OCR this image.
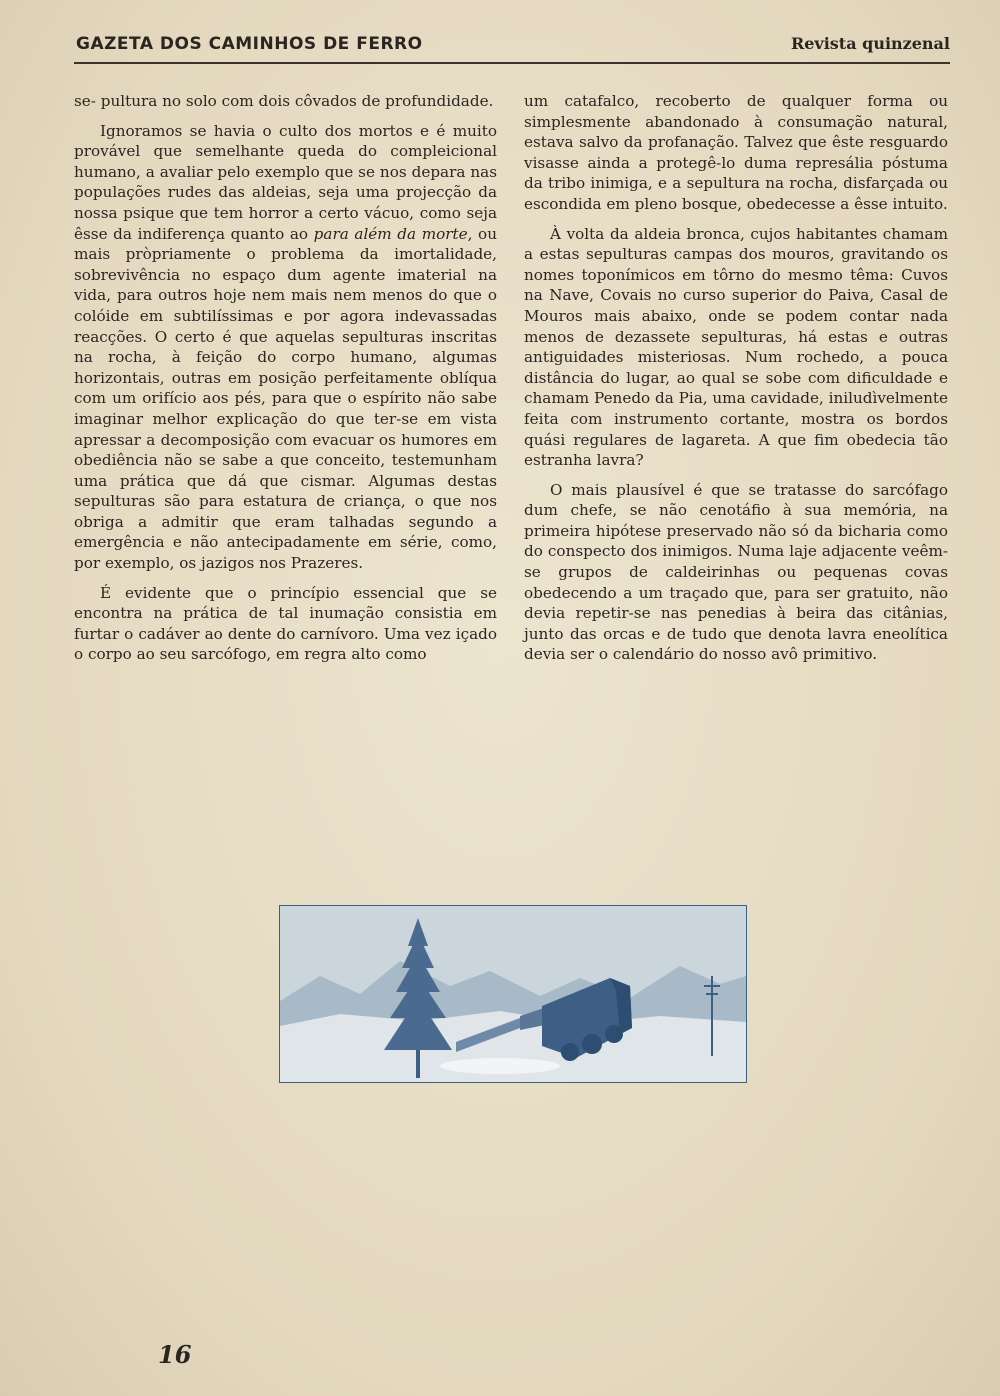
GAZETA DOS CAMINHOS DE FERRO	Revista quinzenal

se- pultura no solo com dois côvados de profundidade.

Ignoramos se havia o culto dos mortos e é muito provável que semelhante queda do compleicional humano, a avaliar pelo exemplo que se nos depara nas populações rudes das aldeias, seja uma projecção da nossa psique que tem horror a certo vácuo, como seja êsse da indiferença quanto ao para além da morte, ou mais pròpriamente o problema da imortalidade, sobrevivência no espaço dum agente imaterial na vida, para outros hoje nem mais nem menos do que o colóide em subtilíssimas e por agora indevassadas reacções. O certo é que aquelas sepulturas inscritas na rocha, à feição do corpo humano, algumas horizontais, outras em posição perfeitamente oblíqua com um orifício aos pés, para que o espírito não sabe imaginar melhor explicação do que ter-se em vista apressar a decomposição com evacuar os humores em obediência não se sabe a que conceito, testemunham uma prática que dá que cismar. Algumas destas sepulturas são para estatura de criança, o que nos obriga a admitir que eram talhadas segundo a emergência e não antecipadamente em série, como, por exemplo, os jazigos nos Prazeres.

É evidente que o princípio essencial que se encontra na prática de tal inumação consistia em furtar o cadáver ao dente do carnívoro. Uma vez içado o corpo ao seu sarcófogo, em regra alto como

um catafalco, recoberto de qualquer forma ou simplesmente abandonado à consumação natural, estava salvo da profanação. Talvez que êste resguardo visasse ainda a protegê-lo duma represália póstuma da tribo inimiga, e a sepultura na rocha, disfarçada ou escondida em pleno bosque, obedecesse a êsse intuito.

À volta da aldeia bronca, cujos habitantes chamam a estas sepulturas campas dos mouros, gravitando os nomes toponímicos em tôrno do mesmo têma: Cuvos na Nave, Covais no curso superior do Paiva, Casal de Mouros mais abaixo, onde se podem contar nada menos de dezassete sepulturas, há estas e outras antiguidades misteriosas. Num rochedo, a pouca distância do lugar, ao qual se sobe com dificuldade e chamam Penedo da Pia, uma cavidade, iniludìvelmente feita com instrumento cortante, mostra os bordos quási regulares de lagareta. A que fim obedecia tão estranha lavra?

O mais plausível é que se tratasse do sarcófago dum chefe, se não cenotáfio à sua memória, na primeira hipótese preservado não só da bicharia como do conspecto dos inimigos. Numa laje adjacente veêm-se grupos de caldeirinhas ou pequenas covas obedecendo a um traçado que, para ser gratuito, não devia repetir-se nas penedias à beira das citânias, junto das orcas e de tudo que denota lavra eneolítica devia ser o calendário do nosso avô primitivo.

16
